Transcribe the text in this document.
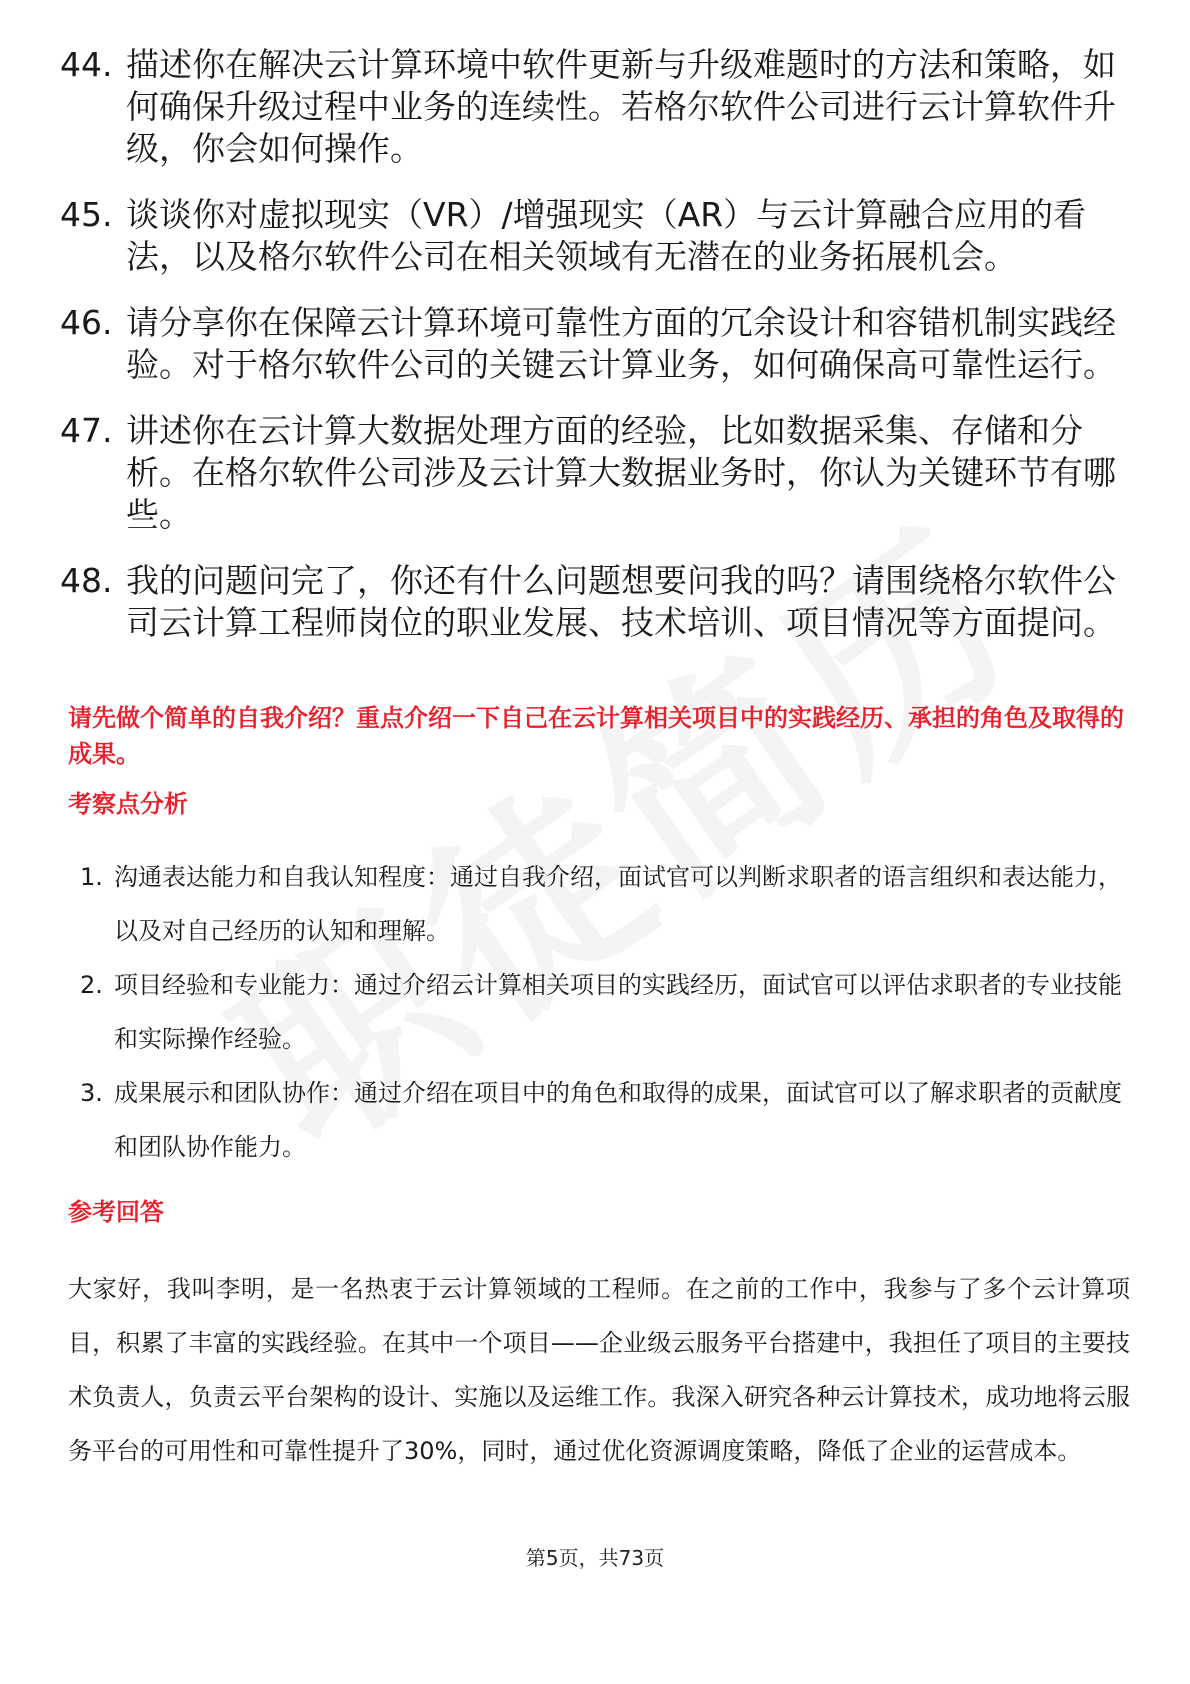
44. 描述你在解决云计算环境中软件更新与升级难题时的方法和策略，如何确保升级过程中业务的连续性。若格尔软件公司进行云计算软件升级，你会如何操作。
45. 谈谈你对虚拟现实（VR）/增强现实（AR）与云计算融合应用的看法，以及格尔软件公司在相关领域有无潜在的业务拓展机会。
46. 请分享你在保障云计算环境可靠性方面的冗余设计和容错机制实践经验。对于格尔软件公司的关键云计算业务，如何确保高可靠性运行。
47. 讲述你在云计算大数据处理方面的经验，比如数据采集、存储和分析。在格尔软件公司涉及云计算大数据业务时，你认为关键环节有哪些。
48. 我的问题问完了，你还有什么问题想要问我的吗？请围绕格尔软件公司云计算工程师岗位的职业发展、技术培训、项目情况等方面提问。
请先做个简单的自我介绍？重点介绍一下自己在云计算相关项目中的实践经历、承担的角色及取得的成果。
考察点分析
1. 沟通表达能力和自我认知程度：通过自我介绍，面试官可以判断求职者的语言组织和表达能力，以及对自己经历的认知和理解。
2. 项目经验和专业能力：通过介绍云计算相关项目的实践经历，面试官可以评估求职者的专业技能和实际操作经验。
3. 成果展示和团队协作：通过介绍在项目中的角色和取得的成果，面试官可以了解求职者的贡献度和团队协作能力。
参考回答
大家好，我叫李明，是一名热衷于云计算领域的工程师。在之前的工作中，我参与了多个云计算项目，积累了丰富的实践经验。在其中一个项目——企业级云服务平台搭建中，我担任了项目的主要技术负责人，负责云平台架构的设计、实施以及运维工作。我深入研究各种云计算技术，成功地将云服务平台的可用性和可靠性提升了30%，同时，通过优化资源调度策略，降低了企业的运营成本。
第5页，共73页
